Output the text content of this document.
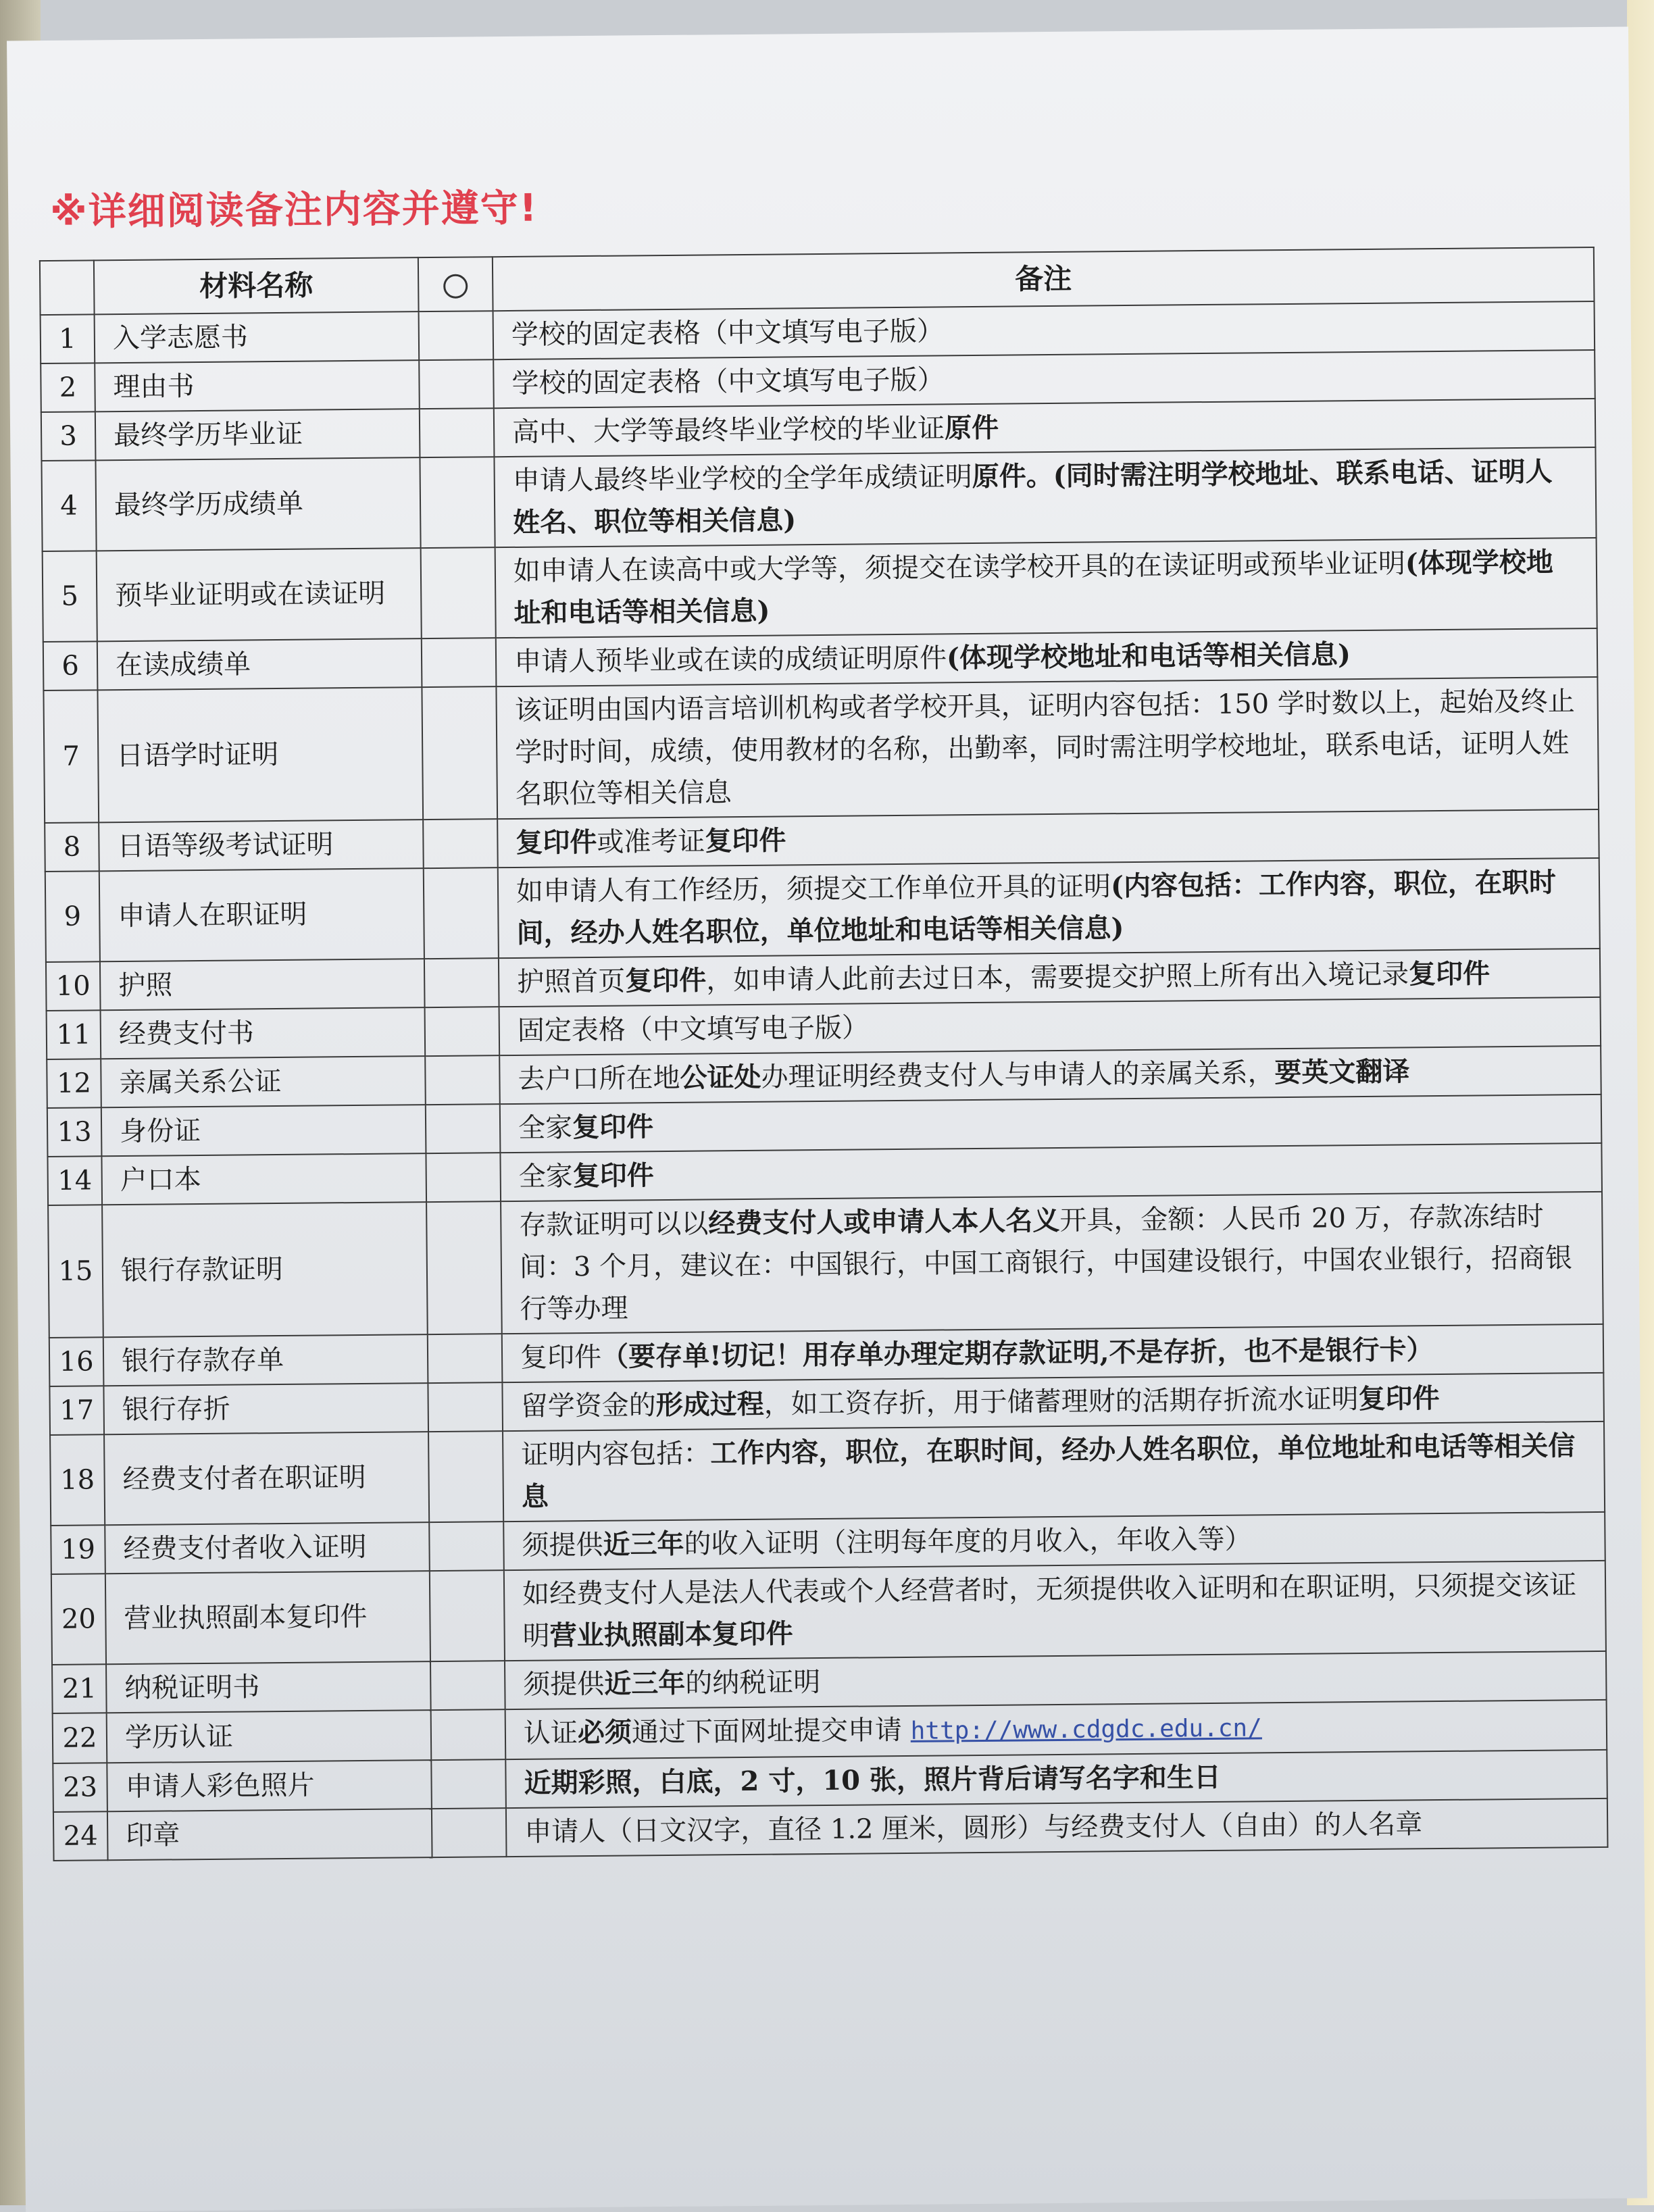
※详细阅读备注内容并遵守!
	材料名称		备注
1	入学志愿书		学校的固定表格（中文填写电子版）
2	理由书		学校的固定表格（中文填写电子版）
3	最终学历毕业证		高中、大学等最终毕业学校的毕业证原件
4	最终学历成绩单		申请人最终毕业学校的全学年成绩证明原件。(同时需注明学校地址、联系电话、证明人姓名、职位等相关信息)
5	预毕业证明或在读证明		如申请人在读高中或大学等，须提交在读学校开具的在读证明或预毕业证明(体现学校地址和电话等相关信息)
6	在读成绩单		申请人预毕业或在读的成绩证明原件(体现学校地址和电话等相关信息)
7	日语学时证明		该证明由国内语言培训机构或者学校开具，证明内容包括：150 学时数以上，起始及终止学时时间，成绩，使用教材的名称，出勤率，同时需注明学校地址，联系电话，证明人姓名职位等相关信息
8	日语等级考试证明		复印件或准考证复印件
9	申请人在职证明		如申请人有工作经历，须提交工作单位开具的证明(内容包括：工作内容，职位，在职时间，经办人姓名职位，单位地址和电话等相关信息)
10	护照		护照首页复印件，如申请人此前去过日本，需要提交护照上所有出入境记录复印件
11	经费支付书		固定表格（中文填写电子版）
12	亲属关系公证		去户口所在地公证处办理证明经费支付人与申请人的亲属关系，要英文翻译
13	身份证		全家复印件
14	户口本		全家复印件
15	银行存款证明		存款证明可以以经费支付人或申请人本人名义开具，金额：人民币 20 万，存款冻结时间：3 个月，建议在：中国银行，中国工商银行，中国建设银行，中国农业银行，招商银行等办理
16	银行存款存单		复印件（要存单!切记！用存单办理定期存款证明,不是存折，也不是银行卡）
17	银行存折		留学资金的形成过程，如工资存折，用于储蓄理财的活期存折流水证明复印件
18	经费支付者在职证明		证明内容包括：工作内容，职位，在职时间，经办人姓名职位，单位地址和电话等相关信息
19	经费支付者收入证明		须提供近三年的收入证明（注明每年度的月收入，年收入等）
20	营业执照副本复印件		如经费支付人是法人代表或个人经营者时，无须提供收入证明和在职证明，只须提交该证明营业执照副本复印件
21	纳税证明书		须提供近三年的纳税证明
22	学历认证		认证必须通过下面网址提交申请 http://www.cdgdc.edu.cn/
23	申请人彩色照片		近期彩照，白底，2 寸，10 张，照片背后请写名字和生日
24	印章		申请人（日文汉字，直径 1.2 厘米，圆形）与经费支付人（自由）的人名章
